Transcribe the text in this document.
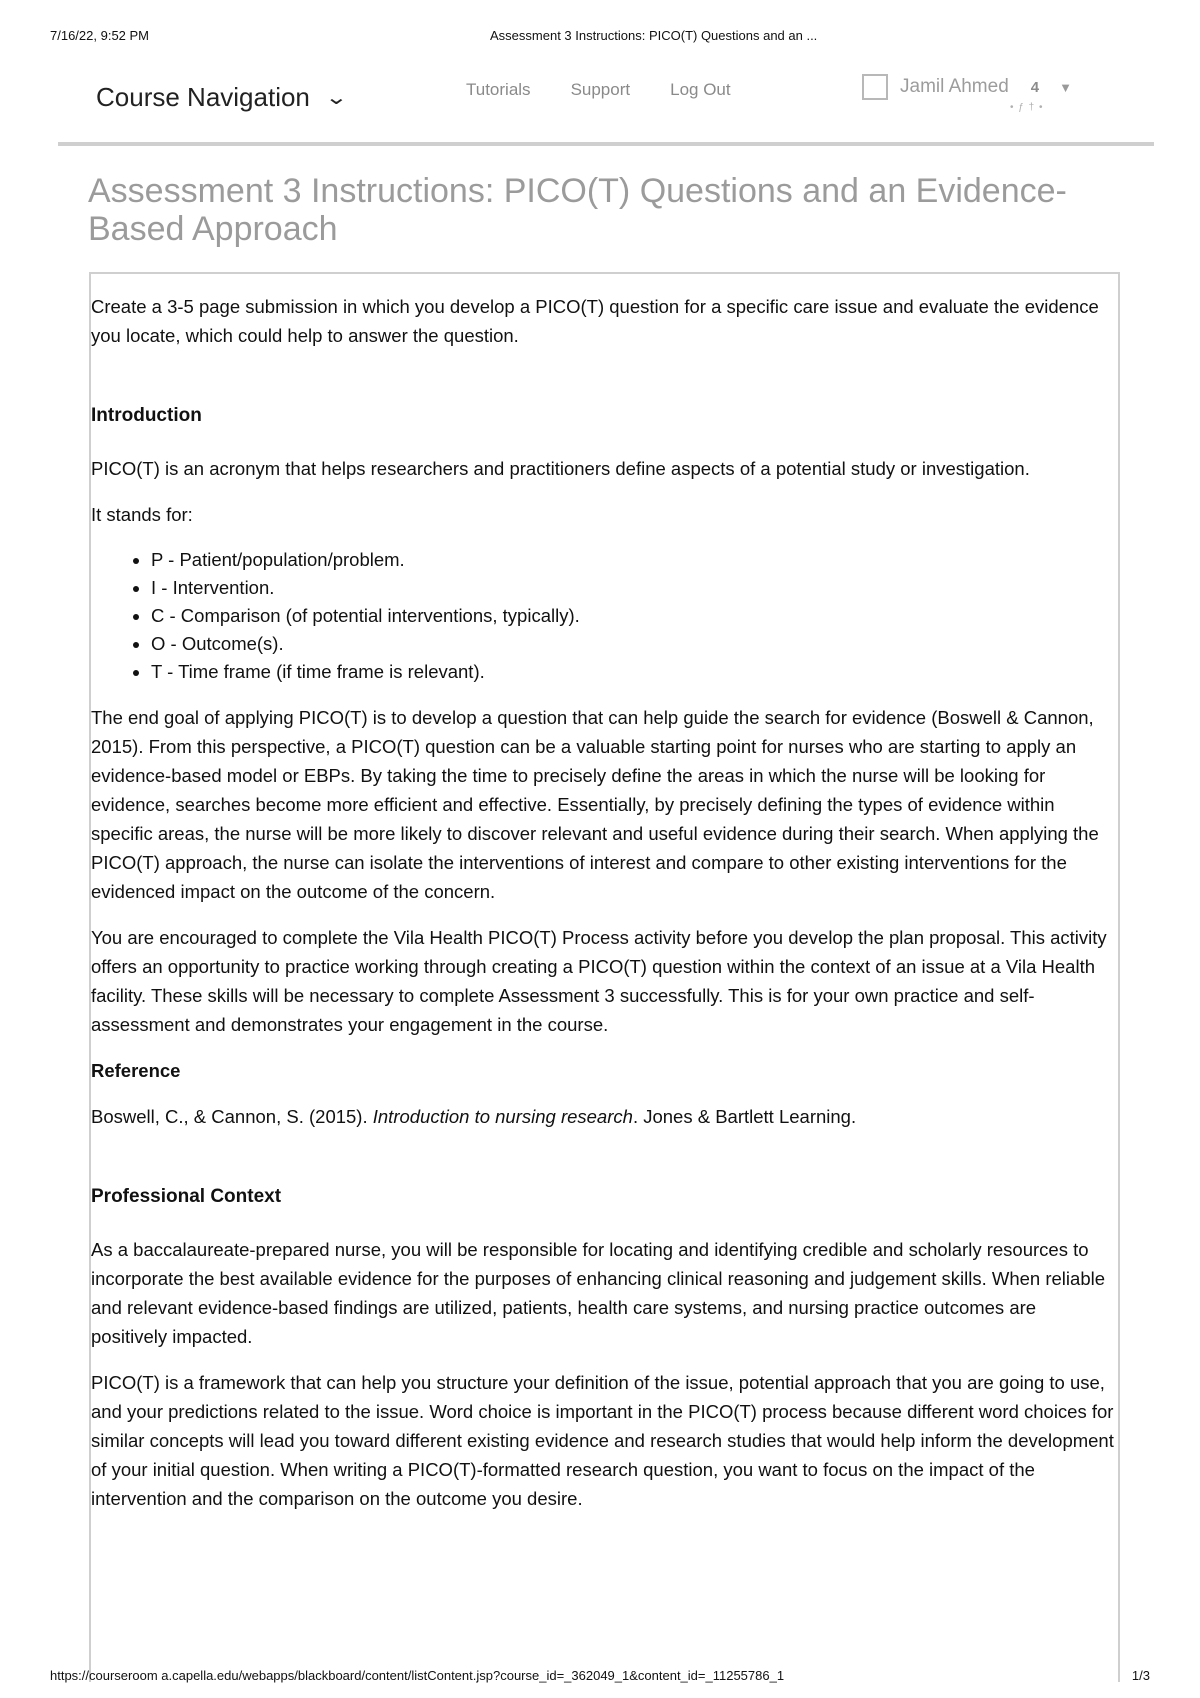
7/16/22, 9:52 PM	Assessment 3 Instructions: PICO(T) Questions and an ...
Course Navigation ⌄	Tutorials Support Log Out	Jamil Ahmed 4 ▼
• ƒ † •
Assessment 3 Instructions: PICO(T) Questions and an Evidence-Based Approach

Create a 3-5 page submission in which you develop a PICO(T) question for a specific care issue and evaluate the evidence you locate, which could help to answer the question.

Introduction

PICO(T) is an acronym that helps researchers and practitioners define aspects of a potential study or investigation.

It stands for:

• P - Patient/population/problem.
• I - Intervention.
• C - Comparison (of potential interventions, typically).
• O - Outcome(s).
• T - Time frame (if time frame is relevant).

The end goal of applying PICO(T) is to develop a question that can help guide the search for evidence (Boswell & Cannon, 2015). From this perspective, a PICO(T) question can be a valuable starting point for nurses who are starting to apply an evidence-based model or EBPs. By taking the time to precisely define the areas in which the nurse will be looking for evidence, searches become more efficient and effective. Essentially, by precisely defining the types of evidence within specific areas, the nurse will be more likely to discover relevant and useful evidence during their search. When applying the PICO(T) approach, the nurse can isolate the interventions of interest and compare to other existing interventions for the evidenced impact on the outcome of the concern.

You are encouraged to complete the Vila Health PICO(T) Process activity before you develop the plan proposal. This activity offers an opportunity to practice working through creating a PICO(T) question within the context of an issue at a Vila Health facility. These skills will be necessary to complete Assessment 3 successfully. This is for your own practice and self-assessment and demonstrates your engagement in the course.

Reference

Boswell, C., & Cannon, S. (2015). Introduction to nursing research. Jones & Bartlett Learning.

Professional Context

As a baccalaureate-prepared nurse, you will be responsible for locating and identifying credible and scholarly resources to incorporate the best available evidence for the purposes of enhancing clinical reasoning and judgement skills. When reliable and relevant evidence-based findings are utilized, patients, health care systems, and nursing practice outcomes are positively impacted.

PICO(T) is a framework that can help you structure your definition of the issue, potential approach that you are going to use, and your predictions related to the issue. Word choice is important in the PICO(T) process because different word choices for similar concepts will lead you toward different existing evidence and research studies that would help inform the development of your initial question. When writing a PICO(T)-formatted research question, you want to focus on the impact of the intervention and the comparison on the outcome you desire.

https://courseroom a.capella.edu/webapps/blackboard/content/listContent.jsp?course_id=_362049_1&content_id=_11255786_1	1/3
